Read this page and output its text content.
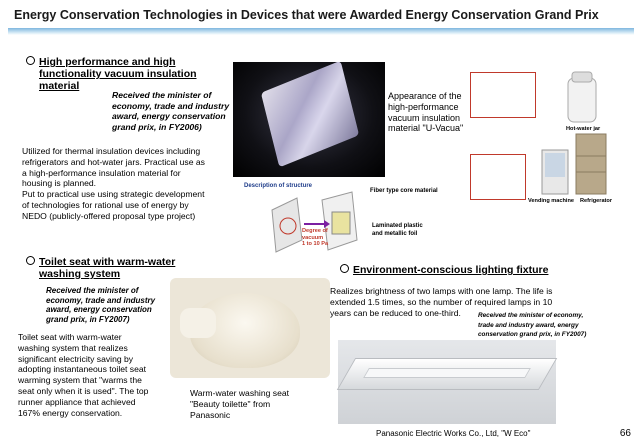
Energy Conservation Technologies in Devices that were Awarded Energy Conservation Grand Prix
High performance and high
functionality vacuum insulation
material
Received the minister of
economy, trade and industry
award, energy conservation
grand prix, in FY2006)
Appearance of the
high-performance
vacuum insulation
material "U-Vacua"
Utilized for thermal insulation devices including
refrigerators and hot-water jars. Practical use as
a high-performance insulation material for
housing is planned.
Put to practical use using strategic development
of technologies for rational use of energy by
NEDO (publicly-offered proposal type project)
Description of structure
Fiber type core material
Degree of
vacuum
1 to 10 Pa
Laminated plastic
and metallic foil
Hot-water jar
Vending machine Refrigerator
Toilet seat with warm-water
washing system
Received the minister of
economy, trade and industry
award, energy conservation
grand prix, in FY2007)
Toilet seat with warm-water
washing system that realizes
significant electricity saving by
adopting instantaneous toilet seat
warming system that "warms the
seat only when it is used". The top
runner appliance that achieved
167% energy conservation.
Warm-water washing seat
"Beauty toilette" from
Panasonic
Environment-conscious lighting fixture
Realizes brightness of two lamps with one lamp. The life is
extended 1.5 times, so the number of required lamps in 10
years can be reduced to one-third.	Received the minister of economy,
trade and industry award, energy
conservation grand prix, in FY2007)
Panasonic Electric Works Co., Ltd, "W Eco"	66
